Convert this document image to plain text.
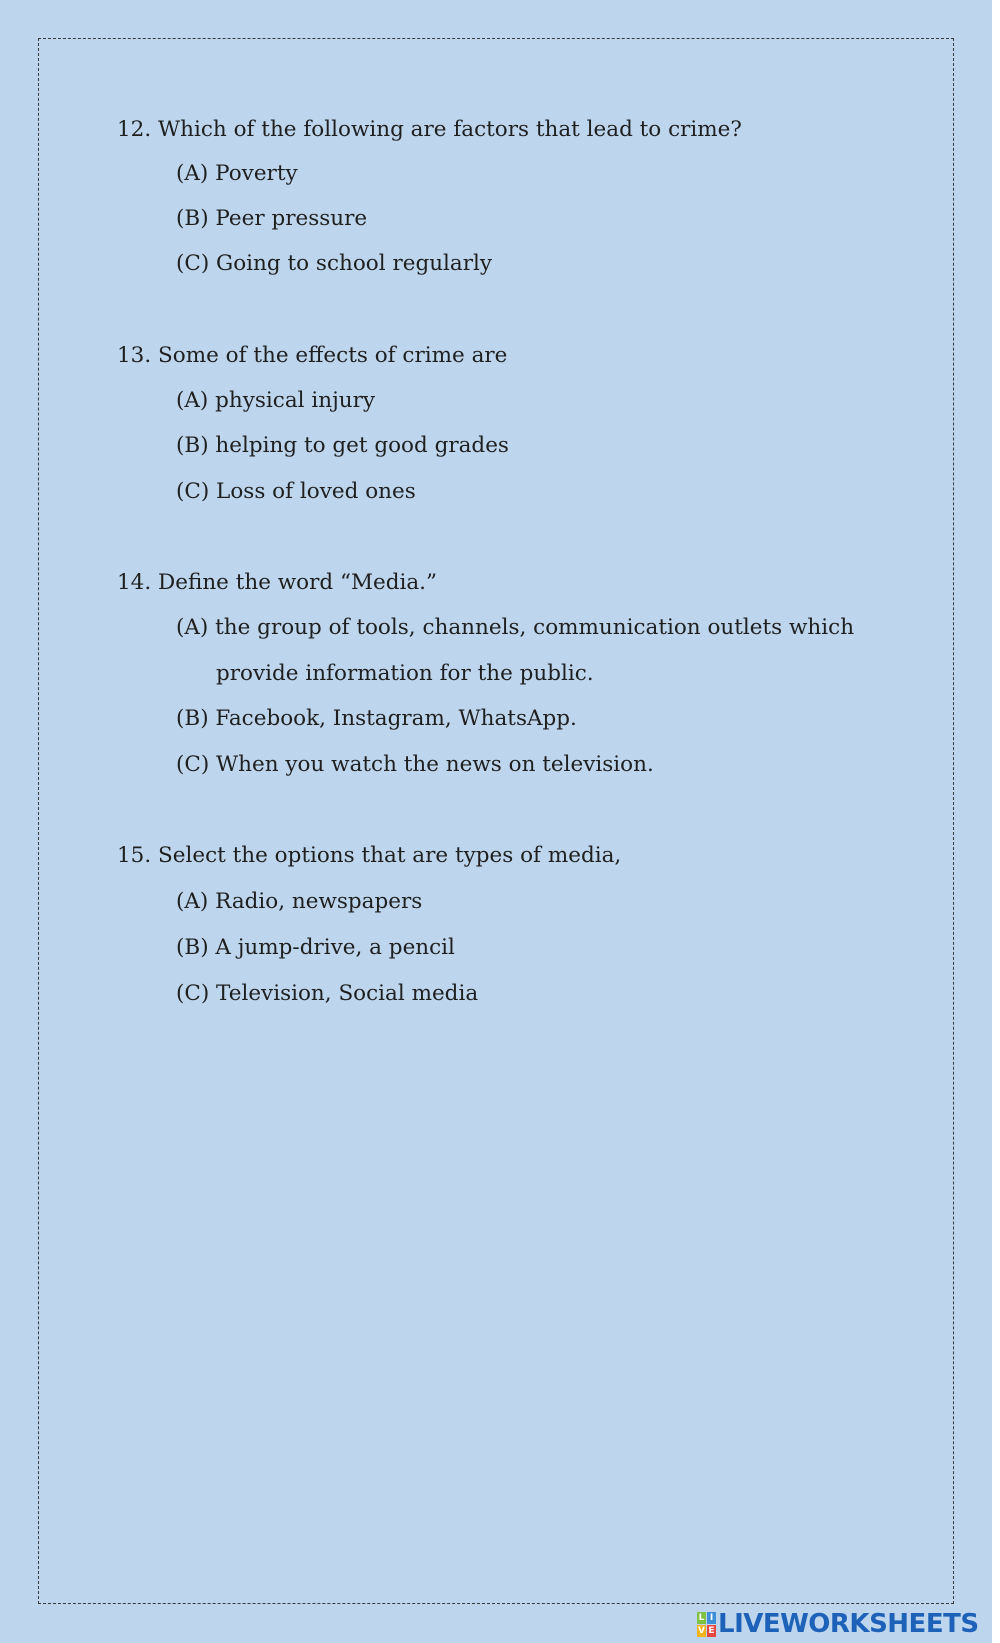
12. Which of the following are factors that lead to crime?
(A) Poverty
(B) Peer pressure
(C) Going to school regularly
13. Some of the effects of crime are
(A) physical injury
(B) helping to get good grades
(C) Loss of loved ones
14. Define the word “Media.”
(A) the group of tools, channels, communication outlets which
provide information for the public.
(B) Facebook, Instagram, WhatsApp.
(C) When you watch the news on television.
15. Select the options that are types of media,
(A) Radio, newspapers
(B) A jump-drive, a pencil
(C) Television, Social media
L I
V E LIVEWORKSHEETS
